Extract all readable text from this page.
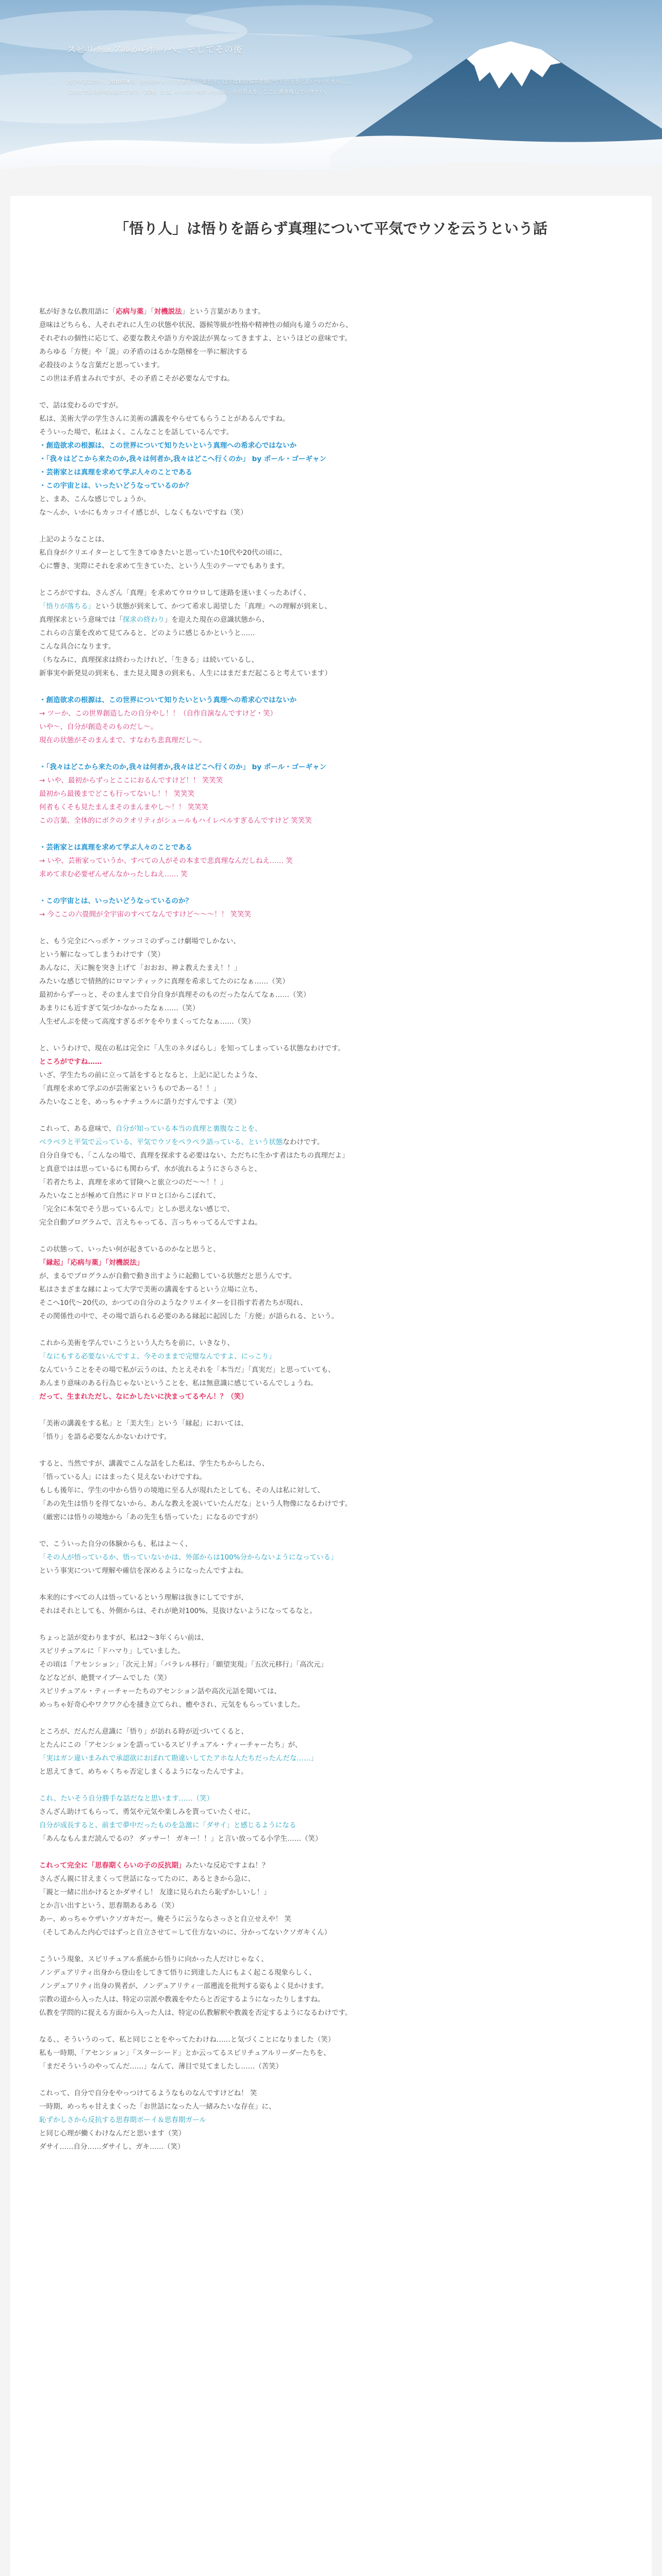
スピリチュアルから悟りへ、そしてその後
大学卒業に伴い、2010年4月、社内のキャリアを始めるにあたり、以下は私の悩みを聞いていたときに思いついたもの……
これまで自分が考え続けてきた「真理」とは、いったい何だったのか。その答えを、ここに書き残していきたい。
「悟り人」は悟りを語らず真理について平気でウソを云うという話
私が好きな仏教用語に「応病与薬」「対機説法」という言葉があります。
意味はどちらも、人それぞれに人生の状態や状況、器候等級が性格や精神性の傾向も違うのだから、
それぞれの個性に応じて、必要な教えや語り方や説法が異なってきますよ、というほどの意味です。
あらゆる「方便」や「説」の矛盾のはるかな階梯を一挙に解決する
必殺技のような言葉だと思っています。
この世は矛盾まみれですが、その矛盾こそが必要なんですね。
で、話は変わるのですが。
私は、美術大学の学生さんに美術の講義をやらせてもらうことがあるんですね。
そういった場で、私はよく、こんなことを話しているんです。
・創造欲求の根源は、この世界について知りたいという真理への希求心ではないか
・「我々はどこから来たのか,我々は何者か,我々はどこへ行くのか」 by ポール・ゴーギャン
・芸術家とは真理を求めて学ぶ人々のことである
・この宇宙とは、いったいどうなっているのか？
と、まあ、こんな感じでしょうか。
な〜んか、いかにもカッコイイ感じが、しなくもないですね（笑）
上記のようなことは、
私自身がクリエイターとして生きてゆきたいと思っていた10代や20代の頃に、
心に響き、実際にそれを求めて生きていた、という人生のテーマでもあります。
ところがですね、さんざん「真理」を求めてウロウロして迷路を迷いまくったあげく、
「悟りが落ちる」という状態が到来して、かつて希求し渇望した「真理」への理解が到来し、
真理探求という意味では「探求の終わり」を迎えた現在の意識状態から、
これらの言葉を改めて見てみると、どのように感じるかというと……
こんな具合になります。
（ちなみに、真理探求は終わったけれど、「生きる」は続いているし、
新事実や新発見の到来も、また見え聞きの到来も、人生にはまだまだ起こると考えています）
・創造欲求の根源は、この世界について知りたいという真理への希求心ではないか
→ ツーか、この世界創造したの自分やし！！（自作自演なんですけど・笑）
いや〜、自分が創造そのものだし〜。
現在の状態がそのまんまで、すなわち悲真理だし〜。
・「我々はどこから来たのか,我々は何者か,我々はどこへ行くのか」 by ポール・ゴーギャン
→ いや、最初からずっとここにおるんですけど！！ 笑笑笑
最初から最後までどこも行ってないし！！ 笑笑笑
何者もくそも見たまんまそのまんまやし〜！！ 笑笑笑
この言葉、全体的にボクのクオリティがシュールもハイレベルすぎるんですけど 笑笑笑
・芸術家とは真理を求めて学ぶ人々のことである
→ いや、芸術家っていうか、すべての人がその本まで悲真理なんだしねえ…… 笑
求めて求む必要ぜんぜんなかったしねえ…… 笑
・この宇宙とは、いったいどうなっているのか？
→ 今ここの六畳間が全宇宙のすべてなんですけど〜〜〜！！ 笑笑笑
と、もう完全にへっポケ・ツッコミのずっこけ劇場でしかない、
という解になってしまうわけです（笑）
あんなに、天に腕を突き上げて「おおお、神よ教えたまえ！！」
みたいな感じで情熱的にロマンティックに真理を希求してたのになぁ……（笑）
最初からずーっと、そのまんまで自分自身が真理そのものだったなんてなぁ……（笑）
あまりにも近すぎて気づかなかったなぁ……（笑）
人生ぜんぶを使って高度すぎるボケをやりまくってたなぁ……（笑）
と、いうわけで、現在の私は完全に「人生のネタばらし」を知ってしまっている状態なわけです。
ところがですね……
いざ、学生たちの前に立って話をするとなると、上記に記したような、
「真理を求めて学ぶのが芸術家というものであーる！！」
みたいなことを、めっちゃナチュラルに語りだすんですよ（笑）
これって、ある意味で、自分が知っている本当の真理と裏腹なことを、
ベラベラと平気で云っている、平気でウソをペラペラ語っている、という状態なわけです。
自分自身でも、「こんなの場で、真理を探求する必要はない、ただちに生かす者はたちの真理だよ」
と真意ではは思っているにも関わらず、水が流れるようにさらさらと、
「若者たちよ、真理を求めて冒険へと旅立つのだ〜〜！！」
みたいなことが極めて自然にドロドロと口からこぼれて、
「完全に本気でそう思っているんで」としか思えない感じで、
完全自動プログラムで、言えちゃってる、言っちゃってるんですよね。
この状態って、いったい何が起きているのかなと思うと、
「縁起」「応病与薬」「対機説法」
が、まるでプログラムが自動で動き出すように起動している状態だと思うんです。
私はさまざまな縁によって大学で美術の講義をするという立場に立ち、
そこへ10代〜20代の、かつての自分のようなクリエイターを目指す若者たちが現れ、
その関係性の中で、その場で語られる必要のある縁起に起因した「方便」が語られる、という。
これから美術を学んでいこうという人たちを前に、いきなり、
「なにもする必要ないんですよ、今そのままで完璧なんですよ、にっこり」
なんていうことをその場で私が云うのは、たとえそれを「本当だ」「真実だ」と思っていても、
あんまり意味のある行為じゃないということを、私は無意識に感じているんでしょうね。
だって、生まれただし、なにかしたいに決まってるやん！？（笑）
「美術の講義をする私」と「美大生」という「縁起」においては、
「悟り」を語る必要なんかないわけです。
すると、当然ですが、講義でこんな話をした私は、学生たちからしたら、
「悟っている人」にはまったく見えないわけですね。
もしも後年に、学生の中から悟りの境地に至る人が現れたとしても、その人は私に対して、
「あの先生は悟りを得てないから、あんな教えを説いていたんだな」という人物像になるわけです。
（厳密には悟りの境地から「あの先生も悟っていた」になるのですが）
で、こういった自分の体験からも、私はよ〜く、
「その人が悟っているか、悟っていないかは、外部からは100%分からないようになっている」
という事実について理解や確信を深めるようになったんですよね。
本来的にすべての人は悟っているという理解は抜きにしてですが、
それはそれとしても、外側からは、それが絶対100%、見抜けないようになってるなと。
ちょっと話が変わりますが、私は2〜3年くらい前は、
スピリチュアルに「ドハマり」していました。
その頃は「アセンション」「次元上昇」「パラレル移行」「願望実現」「五次元移行」「高次元」
などなどが、絶賛マイブームでした（笑）
スピリチュアル・ティーチャーたちのアセンション話や高次元話を聞いては、
めっちゃ好奇心やワクワク心を掻き立てられ、癒やされ、元気をもらっていました。
ところが、だんだん意識に「悟り」が訪れる時が近づいてくると、
とたんにこの「アセンションを語っているスピリチュアル・ティーチャーたち」が、
「実はガン違いまみれで承認欲におぼれて勘違いしてたアホな人たちだったんだな……」
と思えてきて、めちゃくちゃ否定しまくるようになったんですよ。
これ、たいそう自分勝手な話だなと思います……（笑）
さんざん助けてもらって、勇気や元気や楽しみを貰っていたくせに、
自分が成長すると、前まで夢中だったものを急激に「ダサイ」と感じるようになる
「あんなもんまだ読んでるの？ ダッサー！ ガキー！！」と言い放ってる小学生……（笑）
これって完全に「思春期くらいの子の反抗期」みたいな反応ですよね！？
さんざん親に甘えまくって世話になってたのに、あるときから急に、
「親と一緒に出かけるとかダサイし！ 友達に見られたら恥ずかしいし！」
とか言い出すという、思春期あるある（笑）
あー、めっちゃウザいクソガキだー。俺そうに云うならさっさと自立せえや！ 笑
（そしてあんた内心ではずっと自立させて＝して仕方ないのに、分かってないクソガキくん）
こういう現象、スピリチュアル系統から悟りに向かった人だけじゃなく、
ノンデュアリティ出身から登山をしてきて悟りに到達した人にもよく起こる現象らしく、
ノンデュアリティ出身の異者が、ノンデュアリティ一部遡流を批判する姿もよく見かけます。
宗教の道から入った人は、特定の宗派や教義をやたらと否定するようになったりしますね。
仏教を学問的に捉える方面から入った人は、特定の仏教解釈や教義を否定するようになるわけです。
なる、、そういうのって、私と同じことをやってたわけね……と気づくことになりました（笑）
私も一時期、「アセンション」「スターシード」とか云ってるスピリチュアルリーダーたちを、
「まだそういうのやってんだ……」なんて、薄目で見てましたし……（苦笑）
これって、自分で自分をやっつけてるようなものなんですけどね！ 笑
一時期、めっちゃ甘えまくった「お世話になった人一緒みたいな存在」に、
恥ずかしさから反抗する思春期ボーイ＆思春期ガール
と同じ心理が働くわけなんだと思います（笑）
ダサイ……自分……ダサイし、ガキ……（笑）
